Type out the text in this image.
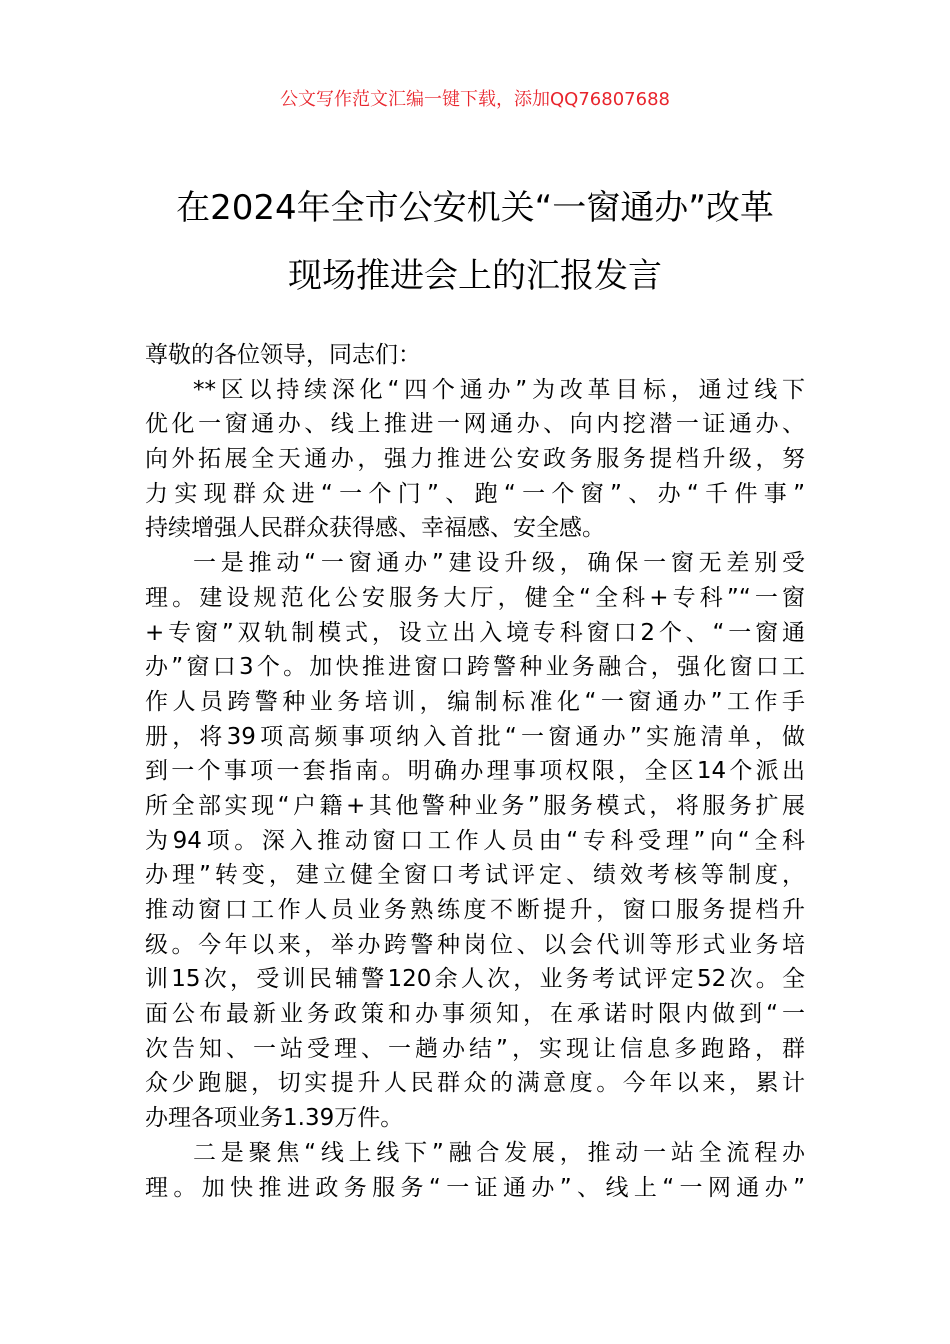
公文写作范文汇编一键下载，添加QQ76807688
在2024年全市公安机关“一窗通办”改革
现场推进会上的汇报发言
尊敬的各位领导，同志们：
**区以持续深化“四个通办”为改革目标，通过线下
优化一窗通办、线上推进一网通办、向内挖潜一证通办、
向外拓展全天通办，强力推进公安政务服务提档升级，努
力实现群众进“一个门”、跑“一个窗”、办“千件事”
持续增强人民群众获得感、幸福感、安全感。
一是推动“一窗通办”建设升级，确保一窗无差别受
理。建设规范化公安服务大厅，健全“全科+专科”“一窗
+专窗”双轨制模式，设立出入境专科窗口2个、“一窗通
办”窗口3个。加快推进窗口跨警种业务融合，强化窗口工
作人员跨警种业务培训，编制标准化“一窗通办”工作手
册，将39项高频事项纳入首批“一窗通办”实施清单，做
到一个事项一套指南。明确办理事项权限，全区14个派出
所全部实现“户籍+其他警种业务”服务模式，将服务扩展
为94项。深入推动窗口工作人员由“专科受理”向“全科
办理”转变，建立健全窗口考试评定、绩效考核等制度，
推动窗口工作人员业务熟练度不断提升，窗口服务提档升
级。今年以来，举办跨警种岗位、以会代训等形式业务培
训15次，受训民辅警120余人次，业务考试评定52次。全
面公布最新业务政策和办事须知，在承诺时限内做到“一
次告知、一站受理、一趟办结”，实现让信息多跑路，群
众少跑腿，切实提升人民群众的满意度。今年以来，累计
办理各项业务1.39万件。
二是聚焦“线上线下”融合发展，推动一站全流程办
理。加快推进政务服务“一证通办”、线上“一网通办”
